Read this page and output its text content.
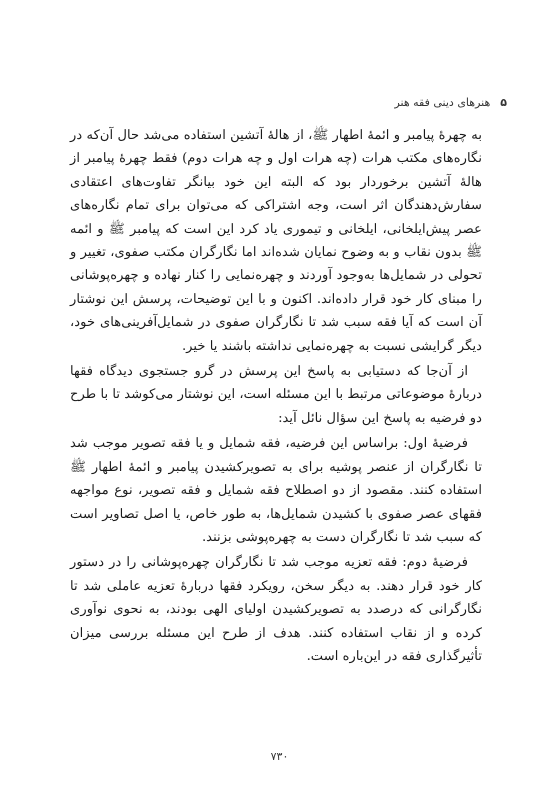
۵
هنرهای دینی فقه هنر

به چهرهٔ پیامبر و ائمهٔ اطهار ﷺ، از هالهٔ آتشین استفاده می‌شد حال آن‌که در نگاره‌های مکتب هرات (چه هرات اول و چه هرات دوم) فقط چهرهٔ پیامبر از هالهٔ آتشین برخوردار بود که البته این خود بیانگر تفاوت‌های اعتقادی سفارش‌دهندگان اثر است، وجه اشتراکی که می‌توان برای تمام نگاره‌های عصر پیش‌ایلخانی، ایلخانی و تیموری یاد کرد این است که پیامبر ﷺ و ائمه ﷺ بدون نقاب و به وضوح نمایان شده‌اند اما نگارگران مکتب صفوی، تغییر و تحولی در شمایل‌ها به‌وجود آوردند و چهره‌نمایی را کنار نهاده و چهره‌پوشانی را مبنای کار خود قرار داده‌اند. اکنون و با این توضیحات، پرسش این نوشتار آن است که آیا فقه سبب شد تا نگارگران صفوی در شمایل‌آفرینی‌های خود، دیگر گرایشی نسبت به چهره‌نمایی نداشته باشند یا خیر.

از آن‌جا که دستیابی به پاسخ این پرسش در گرو جستجوی دیدگاه فقها دربارهٔ موضوعاتی مرتبط با این مسئله است، این نوشتار می‌کوشد تا با طرح دو فرضیه به پاسخ این سؤال نائل آید:

فرضیهٔ اول: براساس این فرضیه، فقه شمایل و یا فقه تصویر موجب شد تا نگارگران از عنصر پوشیه برای به تصویرکشیدن پیامبر و ائمهٔ اطهار ﷺ استفاده کنند. مقصود از دو اصطلاح فقه شمایل و فقه تصویر، نوع مواجهه فقهای عصر صفوی با کشیدن شمایل‌ها، به طور خاص، یا اصل تصاویر است که سبب شد تا نگارگران دست به چهره‌پوشی بزنند.

فرضیهٔ دوم: فقه تعزیه موجب شد تا نگارگران چهره‌پوشانی را در دستور کار خود قرار دهند. به دیگر سخن، رویکرد فقها دربارهٔ تعزیه عاملی شد تا نگارگرانی که درصدد به تصویرکشیدن اولیای الهی بودند، به نحوی نوآوری کرده و از نقاب استفاده کنند. هدف از طرح این مسئله بررسی میزان تأثیرگذاری فقه در این‌باره است.

۷۳۰
